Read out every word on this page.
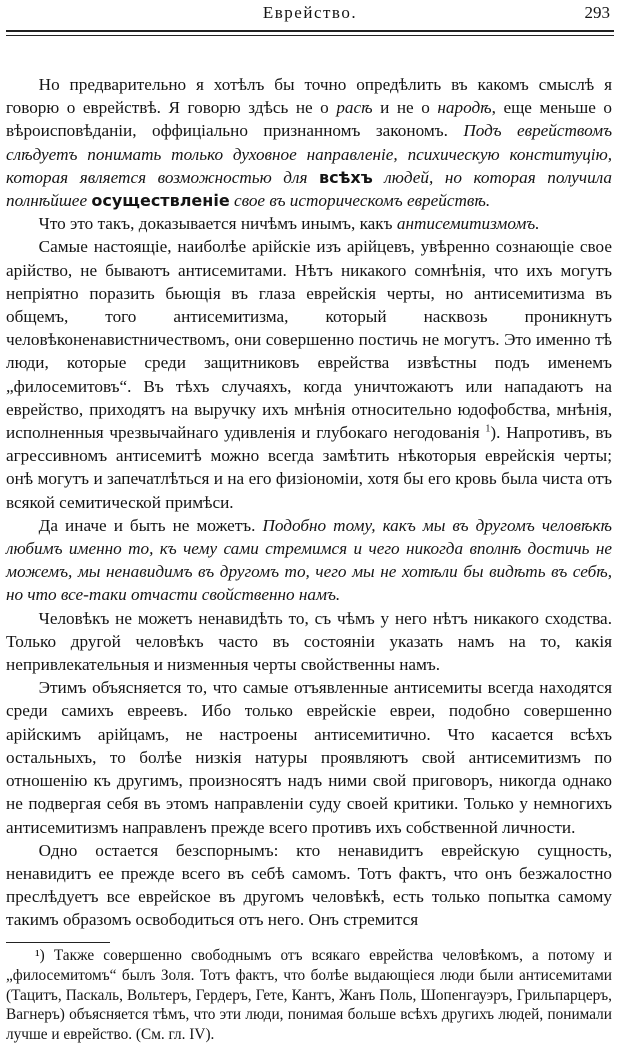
Еврейство.	293

Но предварительно я хотѣлъ бы точно опредѣлить въ какомъ смыслѣ я говорю о еврействѣ. Я говорю здѣсь не о расѣ и не о народѣ, еще меньше о вѣроисповѣданіи, оффиціально признанномъ закономъ. Подъ еврействомъ слѣдуетъ понимать только духовное направленіе, психическую конституцію, которая является возможностью для всѣхъ людей, но которая получила полнѣйшее осуществленіе свое въ историческомъ еврействѣ.

Что это такъ, доказывается ничѣмъ инымъ, какъ антисемитизмомъ.

Самые настоящіе, наиболѣе арійскіе изъ арійцевъ, увѣренно сознающіе свое арійство, не бываютъ антисемитами. Нѣтъ никакого сомнѣнія, что ихъ могутъ непріятно поразить бьющія въ глаза еврейскія черты, но антисемитизма въ общемъ, того антисемитизма, который насквозь проникнутъ человѣконенавистничествомъ, они совершенно постичь не могутъ. Это именно тѣ люди, которые среди защитниковъ еврейства извѣстны подъ именемъ „филосемитовъ“. Въ тѣхъ случаяхъ, когда уничтожаютъ или нападаютъ на еврейство, приходятъ на выручку ихъ мнѣнія относительно юдофобства, мнѣнія, исполненныя чрезвычайнаго удивленія и глубокаго негодованія $^1$). Напротивъ, въ агрессивномъ антисемитѣ можно всегда замѣтить нѣкоторыя еврейскія черты; онѣ могутъ и запечатлѣться и на его физіономіи, хотя бы его кровь была чиста отъ всякой семитической примѣси.

Да иначе и быть не можетъ. Подобно тому, какъ мы въ другомъ человѣкѣ любимъ именно то, къ чему сами стремимся и чего никогда вполнѣ достичь не можемъ, мы ненавидимъ въ другомъ то, чего мы не хотѣли бы видѣть въ себѣ, но что все-таки отчасти свойственно намъ.

Человѣкъ не можетъ ненавидѣть то, съ чѣмъ у него нѣтъ никакого сходства. Только другой человѣкъ часто въ состояніи указать намъ на то, какія непривлекательныя и низменныя черты свойственны намъ.

Этимъ объясняется то, что самые отъявленные антисемиты всегда находятся среди самихъ евреевъ. Ибо только еврейскіе евреи, подобно совершенно арійскимъ арійцамъ, не настроены антисемитично. Что касается всѣхъ остальныхъ, то болѣе низкія натуры проявляютъ свой антисемитизмъ по отношенію къ другимъ, произносятъ надъ ними свой приговоръ, никогда однако не подвергая себя въ этомъ направленіи суду своей критики. Только у немногихъ антисемитизмъ направленъ прежде всего противъ ихъ собственной личности.

Одно остается безспорнымъ: кто ненавидитъ еврейскую сущность, ненавидитъ ее прежде всего въ себѣ самомъ. Тотъ фактъ, что онъ безжалостно преслѣдуетъ все еврейское въ другомъ человѣкѣ, есть только попытка самому такимъ образомъ освободиться отъ него. Онъ стремится

¹) Также совершенно свободнымъ отъ всякаго еврейства человѣкомъ, а потому и „филосемитомъ“ былъ Золя. Тотъ фактъ, что болѣе выдающіеся люди были антисемитами (Тацитъ, Паскаль, Вольтеръ, Гердеръ, Гете, Кантъ, Жанъ Поль, Шопенгауэръ, Грильпарцеръ, Вагнеръ) объясняется тѣмъ, что эти люди, понимая больше всѣхъ другихъ людей, понимали лучше и еврейство. (См. гл. IV).
